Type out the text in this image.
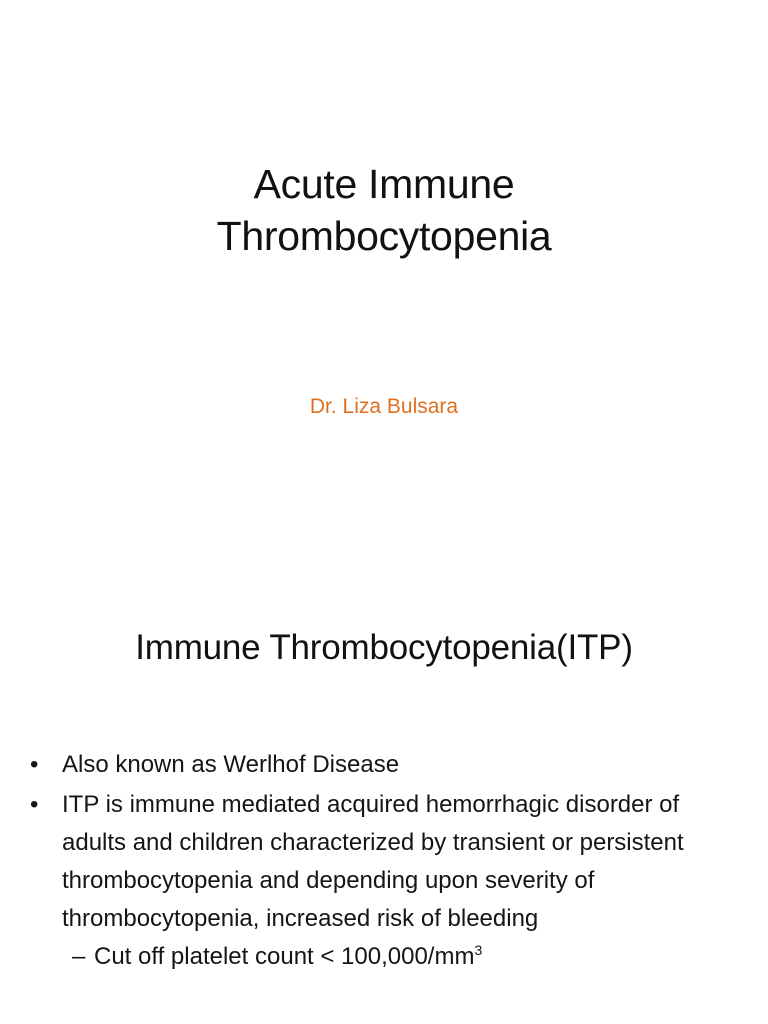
Acute Immune
Thrombocytopenia
Dr. Liza Bulsara
Immune Thrombocytopenia(ITP)
• Also known as Werlhof Disease
• ITP is immune mediated acquired hemorrhagic disorder of adults and children characterized by transient or persistent thrombocytopenia and depending upon severity of thrombocytopenia, increased risk of bleeding
– Cut off platelet count < $100,000/mm^3$
